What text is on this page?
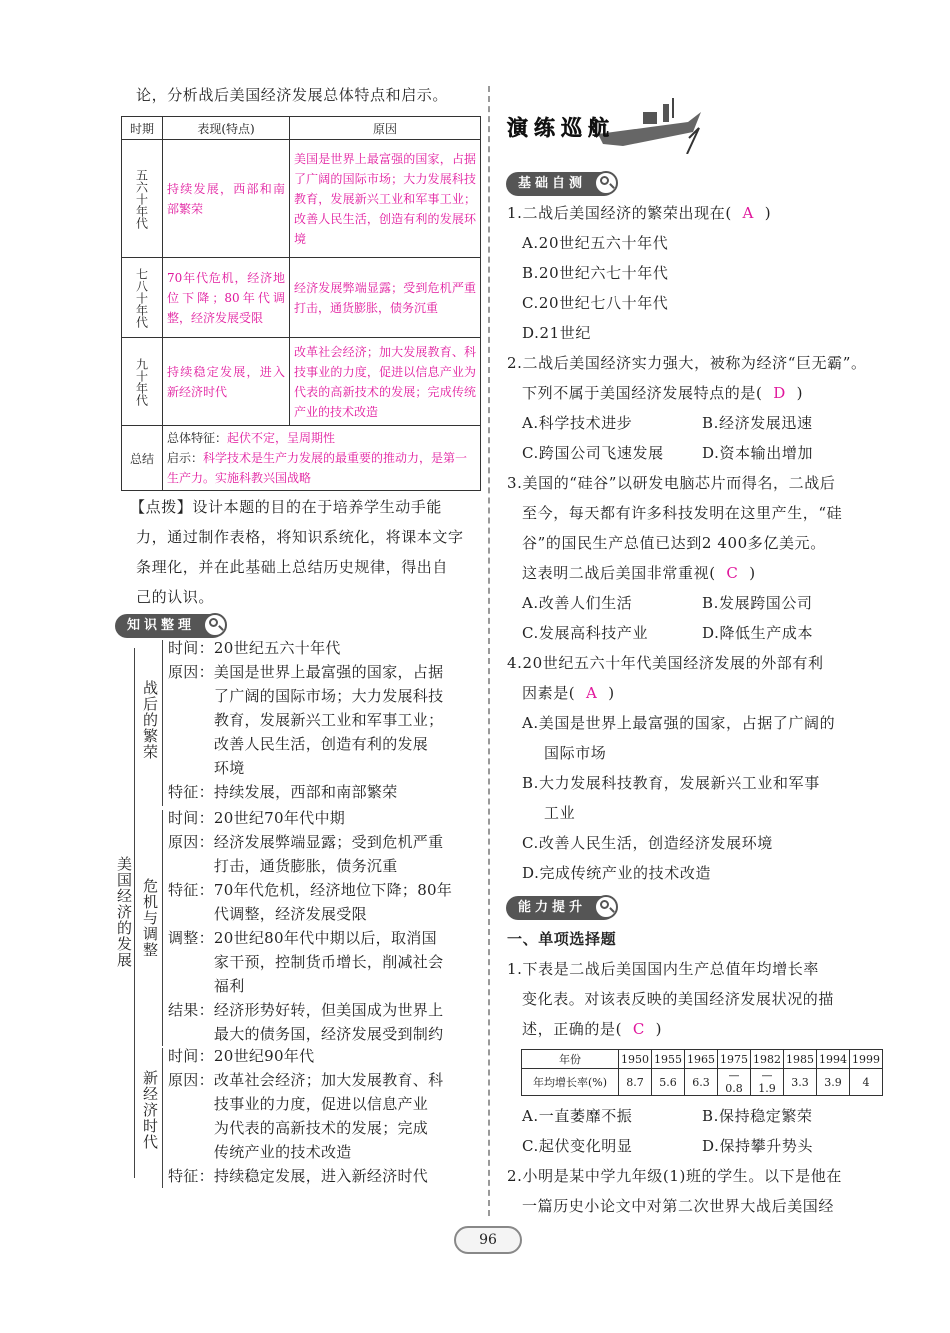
论，分析战后美国经济发展总体特点和启示。
时期	表现(特点)	原因

五六十年代	持续发展，西部和南部繁荣	美国是世界上最富强的国家，占据了广阔的国际市场；大力发展科技教育，发展新兴工业和军事工业；改善人民生活，创造有利的发展环境

七八十年代	70年代危机，经济地位下降；80年代调整，经济发展受限	经济发展弊端显露；受到危机严重打击，通货膨胀，债务沉重

九十年代	持续稳定发展，进入新经济时代	改革社会经济；加大发展教育、科技事业的力度，促进以信息产业为代表的高新技术的发展；完成传统产业的技术改造
总结	总体特征：起伏不定，呈周期性
启示：科学技术是生产力发展的最重要的推动力，是第一生产力。实施科教兴国战略	
【点拨】设计本题的目的在于培养学生动手能
力，通过制作表格，将知识系统化，将课本文字
条理化，并在此基础上总结历史规律，得出自
己的认识。
知识整理
美国经济的发展
战后的繁荣
时间：20世纪五六十年代
原因：美国是世界上最富强的国家，占据
　　　了广阔的国际市场；大力发展科技
　　　教育，发展新兴工业和军事工业；
　　　改善人民生活，创造有利的发展
　　　环境
特征：持续发展，西部和南部繁荣
危机与调整
时间：20世纪70年代中期
原因：经济发展弊端显露；受到危机严重
　　　打击，通货膨胀，债务沉重
特征：70年代危机，经济地位下降；80年
　　　代调整，经济发展受限
调整：20世纪80年代中期以后，取消国
　　　家干预，控制货币增长，削减社会
　　　福利
结果：经济形势好转，但美国成为世界上
　　　最大的债务国，经济发展受到制约
新经济时代
时间：20世纪90年代
原因：改革社会经济；加大发展教育、科
　　　技事业的力度，促进以信息产业
　　　为代表的高新技术的发展；完成
　　　传统产业的技术改造
特征：持续稳定发展，进入新经济时代
演练巡航
基础自测
1.二战后美国经济的繁荣出现在( A )
A.20世纪五六十年代
B.20世纪六七十年代
C.20世纪七八十年代
D.21世纪
2.二战后美国经济实力强大，被称为经济“巨无霸”。
下列不属于美国经济发展特点的是( D )
A.科学技术进步	B.经济发展迅速
C.跨国公司飞速发展	D.资本输出增加
3.美国的“硅谷”以研发电脑芯片而得名，二战后
至今，每天都有许多科技发明在这里产生，“硅
谷”的国民生产总值已达到2 400多亿美元。
这表明二战后美国非常重视( C )
A.改善人们生活	B.发展跨国公司
C.发展高科技产业	D.降低生产成本
4.20世纪五六十年代美国经济发展的外部有利
因素是( A )
A.美国是世界上最富强的国家，占据了广阔的
国际市场
B.大力发展科技教育，发展新兴工业和军事
工业
C.改善人民生活，创造经济发展环境
D.完成传统产业的技术改造
能力提升
一、单项选择题
1.下表是二战后美国国内生产总值年均增长率
变化表。对该表反映的美国经济发展状况的描
述，正确的是( C )
年份	1950	1955	1965	1975	1982	1985	1994	1999
年均增长率(%)	8.7	5.6	6.3	—0.8	—1.9	3.3	3.9	4
A.一直萎靡不振	B.保持稳定繁荣
C.起伏变化明显	D.保持攀升势头
2.小明是某中学九年级(1)班的学生。以下是他在
一篇历史小论文中对第二次世界大战后美国经
96
